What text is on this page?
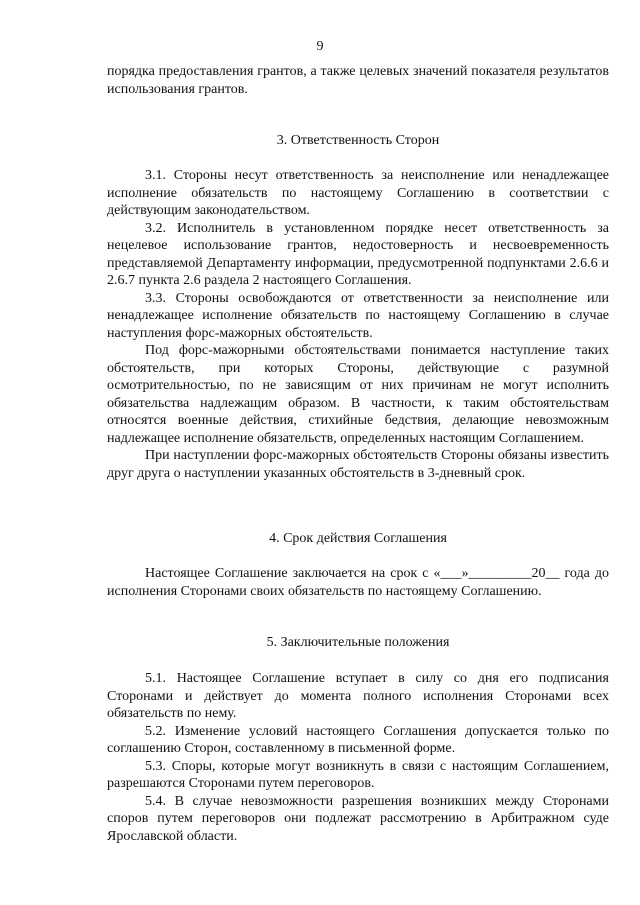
9

порядка предоставления грантов, а также целевых значений показателя результатов использования грантов.

3. Ответственность Сторон

3.1. Стороны несут ответственность за неисполнение или ненадлежащее исполнение обязательств по настоящему Соглашению в соответствии с действующим законодательством.

3.2. Исполнитель в установленном порядке несет ответственность за нецелевое использование грантов, недостоверность и несвоевременность представляемой Департаменту информации, предусмотренной подпунктами 2.6.6 и 2.6.7 пункта 2.6 раздела 2 настоящего Соглашения.

3.3. Стороны освобождаются от ответственности за неисполнение или ненадлежащее исполнение обязательств по настоящему Соглашению в случае наступления форс-мажорных обстоятельств.

Под форс-мажорными обстоятельствами понимается наступление таких обстоятельств, при которых Стороны, действующие с разумной осмотрительностью, по не зависящим от них причинам не могут исполнить обязательства надлежащим образом. В частности, к таким обстоятельствам относятся военные действия, стихийные бедствия, делающие невозможным надлежащее исполнение обязательств, определенных настоящим Соглашением.

При наступлении форс-мажорных обстоятельств Стороны обязаны известить друг друга о наступлении указанных обстоятельств в 3-дневный срок.

4. Срок действия Соглашения

Настоящее Соглашение заключается на срок с «___»_________20__ года до исполнения Сторонами своих обязательств по настоящему Соглашению.

5. Заключительные положения

5.1. Настоящее Соглашение вступает в силу со дня его подписания Сторонами и действует до момента полного исполнения Сторонами всех обязательств по нему.

5.2. Изменение условий настоящего Соглашения допускается только по соглашению Сторон, составленному в письменной форме.

5.3. Споры, которые могут возникнуть в связи с настоящим Соглашением, разрешаются Сторонами путем переговоров.

5.4. В случае невозможности разрешения возникших между Сторонами споров путем переговоров они подлежат рассмотрению в Арбитражном суде Ярославской области.
